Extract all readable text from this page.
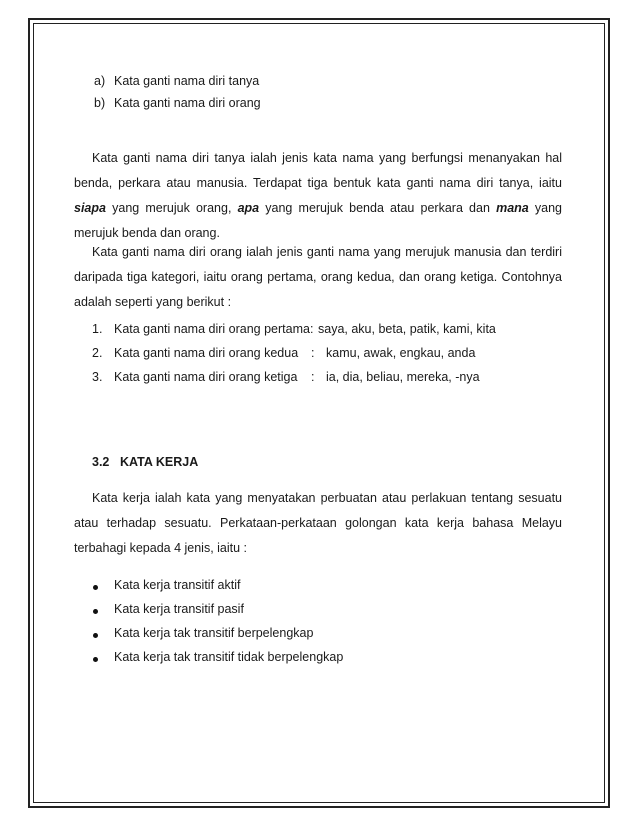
a) Kata ganti nama diri tanya
b) Kata ganti nama diri orang
Kata ganti nama diri tanya ialah jenis kata nama yang berfungsi menanyakan hal
benda, perkara atau manusia. Terdapat tiga bentuk kata ganti nama diri tanya, iaitu
siapa yang merujuk orang, apa yang merujuk benda atau perkara dan mana yang
merujuk benda dan orang.
Kata ganti nama diri orang ialah jenis ganti nama yang merujuk manusia dan terdiri
daripada tiga kategori, iaitu orang pertama, orang kedua, dan orang ketiga. Contohnya
adalah seperti yang berikut :
1. Kata ganti nama diri orang pertama : saya, aku, beta, patik, kami, kita
2. Kata ganti nama diri orang kedua : kamu, awak, engkau, anda
3. Kata ganti nama diri orang ketiga : ia, dia, beliau, mereka, -nya
3.2 KATA KERJA
Kata kerja ialah kata yang menyatakan perbuatan atau perlakuan tentang sesuatu
atau terhadap sesuatu. Perkataan-perkataan golongan kata kerja bahasa Melayu
terbahagi kepada 4 jenis, iaitu :
Kata kerja transitif aktif
Kata kerja transitif pasif
Kata kerja tak transitif berpelengkap
Kata kerja tak transitif tidak berpelengkap
